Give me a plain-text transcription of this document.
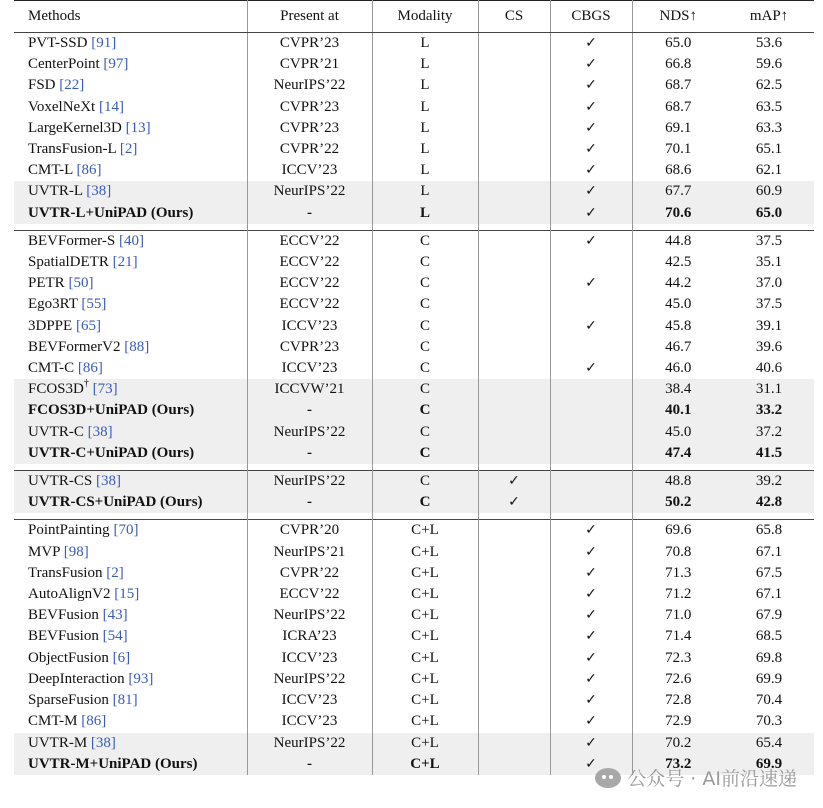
Methods	Present at	Modality	CS	CBGS	NDS↑	mAP↑
PVT-SSD [91]	CVPR’23	L		✓	65.0	53.6
CenterPoint [97]	CVPR’21	L		✓	66.8	59.6
FSD [22]	NeurIPS’22	L		✓	68.7	62.5
VoxelNeXt [14]	CVPR’23	L		✓	68.7	63.5
LargeKernel3D [13]	CVPR’23	L		✓	69.1	63.3
TransFusion-L [2]	CVPR’22	L		✓	70.1	65.1
CMT-L [86]	ICCV’23	L		✓	68.6	62.1
UVTR-L [38]	NeurIPS’22	L		✓	67.7	60.9
UVTR-L+UniPAD (Ours)	-	L		✓	70.6	65.0

BEVFormer-S [40]	ECCV’22	C		✓	44.8	37.5
SpatialDETR [21]	ECCV’22	C			42.5	35.1
PETR [50]	ECCV’22	C		✓	44.2	37.0
Ego3RT [55]	ECCV’22	C			45.0	37.5
3DPPE [65]	ICCV’23	C		✓	45.8	39.1
BEVFormerV2 [88]	CVPR’23	C			46.7	39.6
CMT-C [86]	ICCV’23	C		✓	46.0	40.6
FCOS3D† [73]	ICCVW’21	C			38.4	31.1
FCOS3D+UniPAD (Ours)	-	C			40.1	33.2
UVTR-C [38]	NeurIPS’22	C			45.0	37.2
UVTR-C+UniPAD (Ours)	-	C			47.4	41.5

UVTR-CS [38]	NeurIPS’22	C	✓		48.8	39.2
UVTR-CS+UniPAD (Ours)	-	C	✓		50.2	42.8

PointPainting [70]	CVPR’20	C+L		✓	69.6	65.8
MVP [98]	NeurIPS’21	C+L		✓	70.8	67.1
TransFusion [2]	CVPR’22	C+L		✓	71.3	67.5
AutoAlignV2 [15]	ECCV’22	C+L		✓	71.2	67.1
BEVFusion [43]	NeurIPS’22	C+L		✓	71.0	67.9
BEVFusion [54]	ICRA’23	C+L		✓	71.4	68.5
ObjectFusion [6]	ICCV’23	C+L		✓	72.3	69.8
DeepInteraction [93]	NeurIPS’22	C+L		✓	72.6	69.9
SparseFusion [81]	ICCV’23	C+L		✓	72.8	70.4
CMT-M [86]	ICCV’23	C+L		✓	72.9	70.3
UVTR-M [38]	NeurIPS’22	C+L		✓	70.2	65.4
UVTR-M+UniPAD (Ours)	-	C+L		✓	73.2	69.9
公众号 · AI前沿速递
